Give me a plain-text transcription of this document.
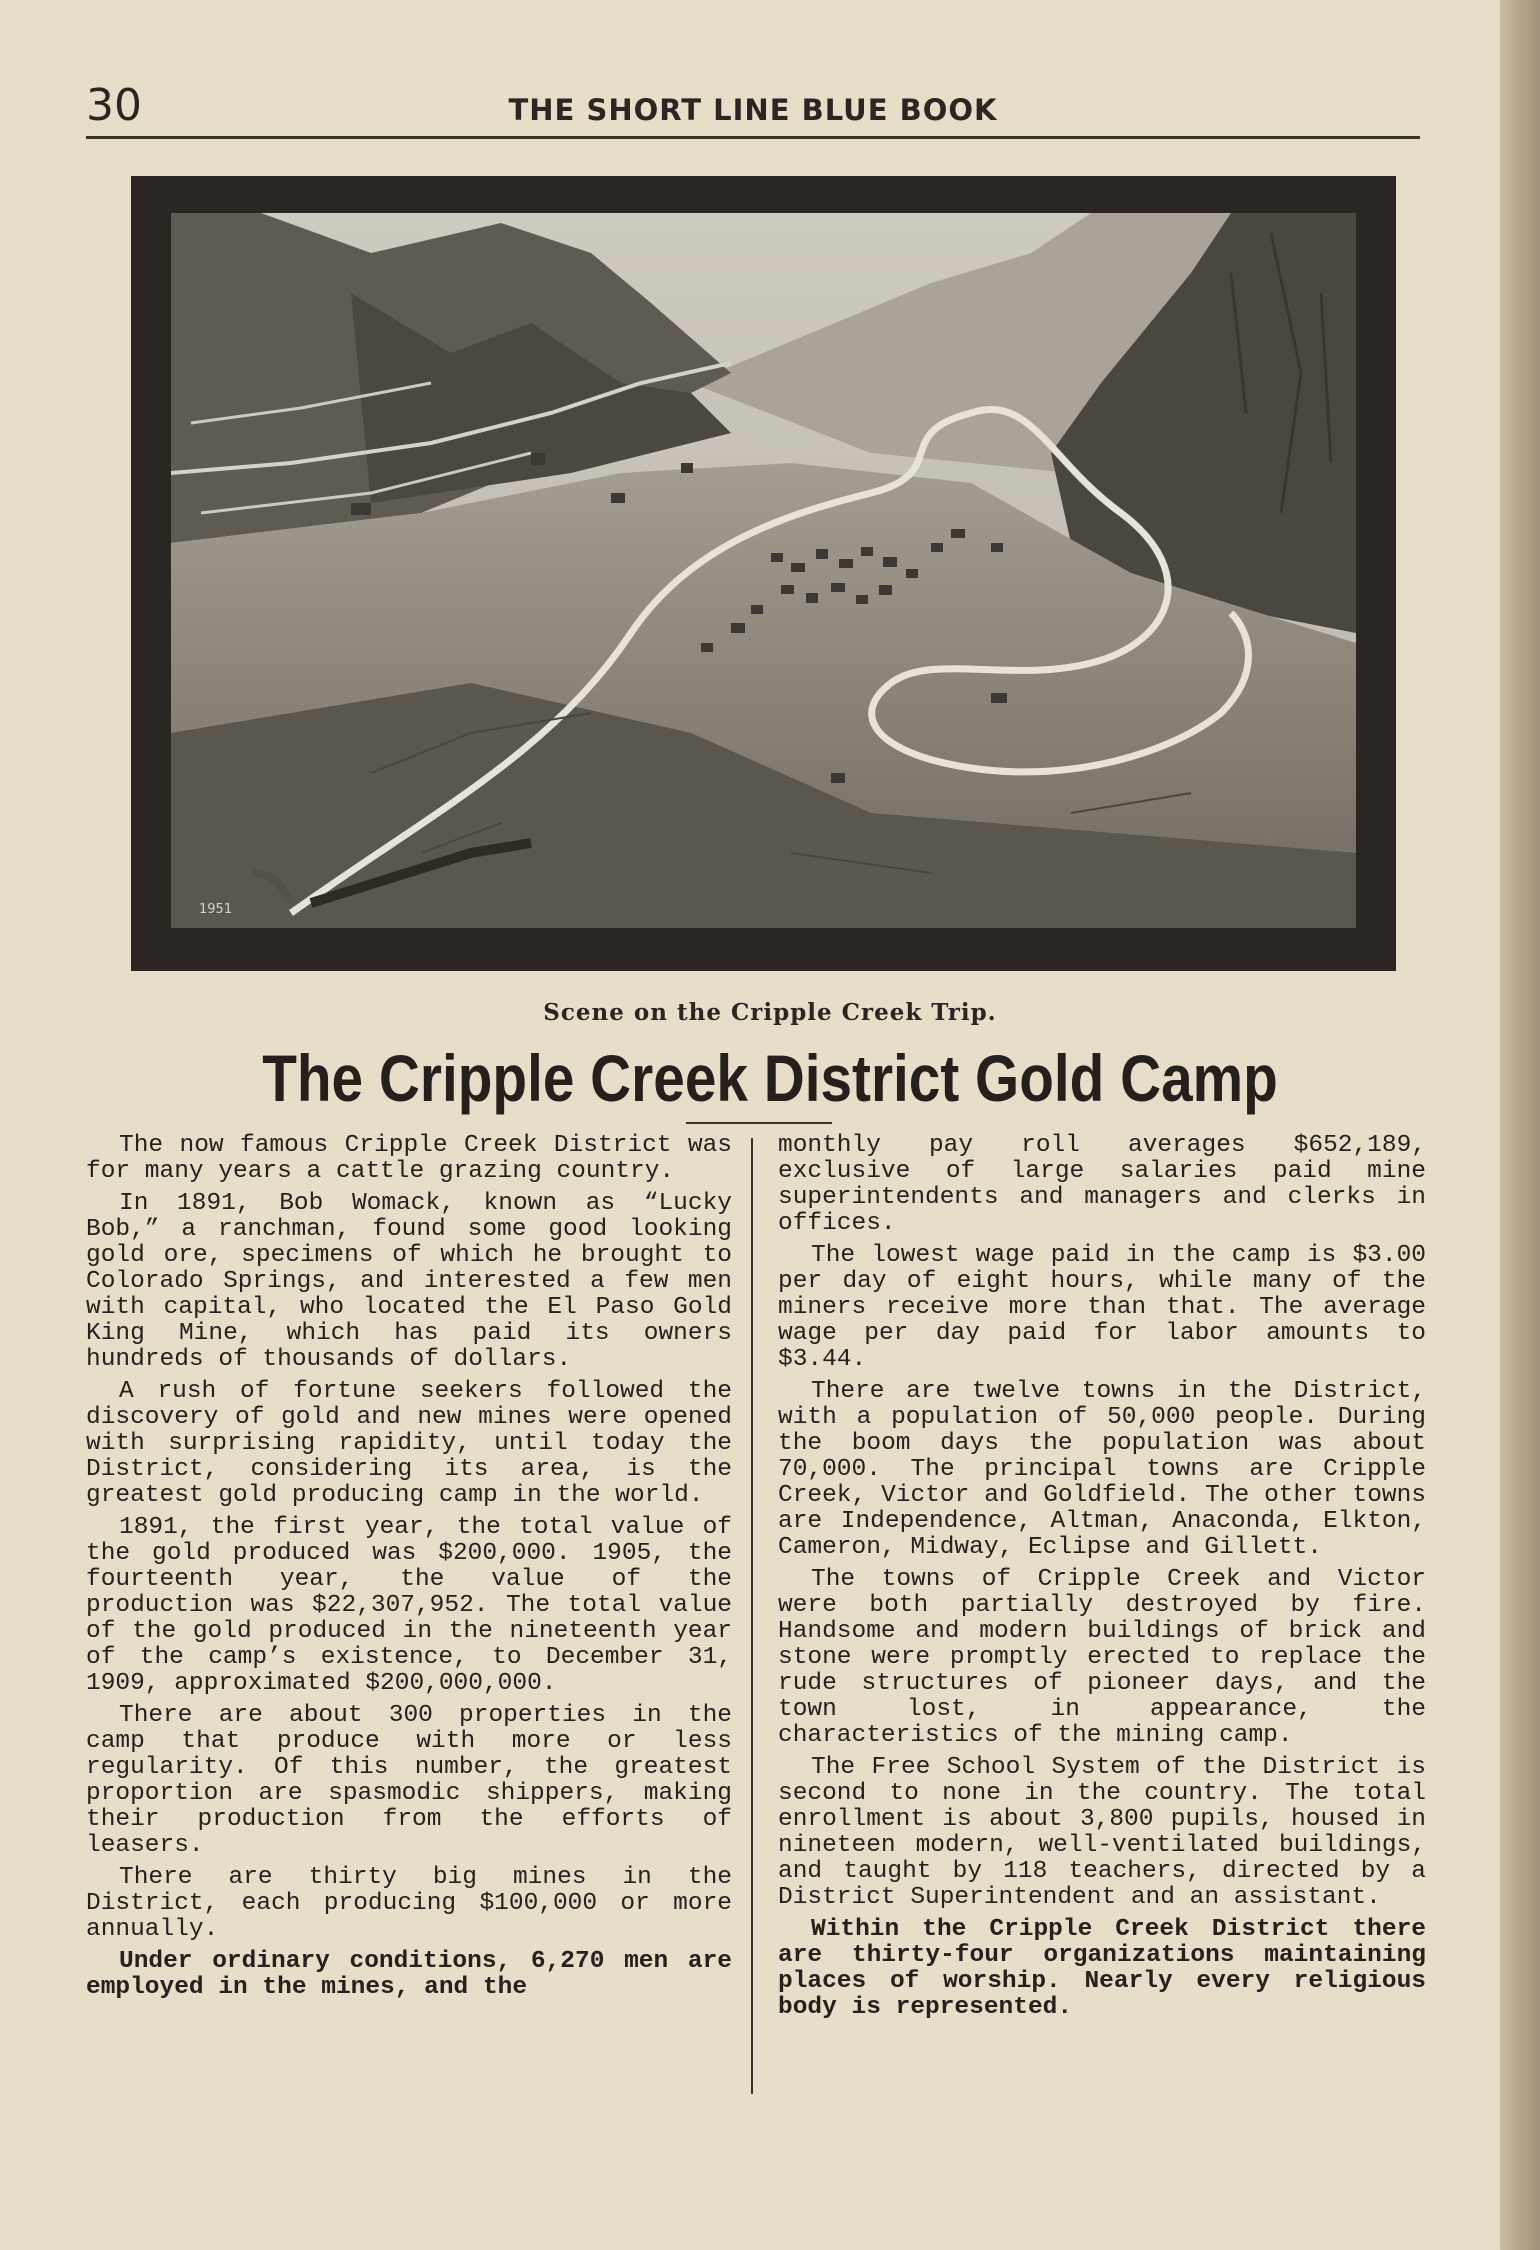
30	THE SHORT LINE BLUE BOOK
1951
Scene on the Cripple Creek Trip.
The Cripple Creek District Gold Camp

The now famous Cripple Creek District was for many years a cattle grazing country.

In 1891, Bob Womack, known as “Lucky Bob,” a ranchman, found some good looking gold ore, specimens of which he brought to Colorado Springs, and interested a few men with capital, who located the El Paso Gold King Mine, which has paid its owners hundreds of thousands of dollars.

A rush of fortune seekers followed the discovery of gold and new mines were opened with surprising rapidity, until today the District, considering its area, is the greatest gold producing camp in the world.

1891, the first year, the total value of the gold produced was $200,000. 1905, the fourteenth year, the value of the production was $22,307,952. The total value of the gold produced in the nineteenth year of the camp’s existence, to December 31, 1909, approximated $200,000,000.

There are about 300 properties in the camp that produce with more or less regularity. Of this number, the greatest proportion are spasmodic shippers, making their production from the efforts of leasers.

There are thirty big mines in the District, each producing $100,000 or more annually.

Under ordinary conditions, 6,270 men are employed in the mines, and the

monthly pay roll averages $652,189, exclusive of large salaries paid mine superintendents and managers and clerks in offices.

The lowest wage paid in the camp is $3.00 per day of eight hours, while many of the miners receive more than that. The average wage per day paid for labor amounts to $3.44.

There are twelve towns in the District, with a population of 50,000 people. During the boom days the population was about 70,000. The principal towns are Cripple Creek, Victor and Goldfield. The other towns are Independence, Altman, Anaconda, Elkton, Cameron, Midway, Eclipse and Gillett.

The towns of Cripple Creek and Victor were both partially destroyed by fire. Handsome and modern buildings of brick and stone were promptly erected to replace the rude structures of pioneer days, and the town lost, in appearance, the characteristics of the mining camp.

The Free School System of the District is second to none in the country. The total enrollment is about 3,800 pupils, housed in nineteen modern, well-ventilated buildings, and taught by 118 teachers, directed by a District Superintendent and an assistant.

Within the Cripple Creek District there are thirty-four organizations maintaining places of worship. Nearly every religious body is represented.
